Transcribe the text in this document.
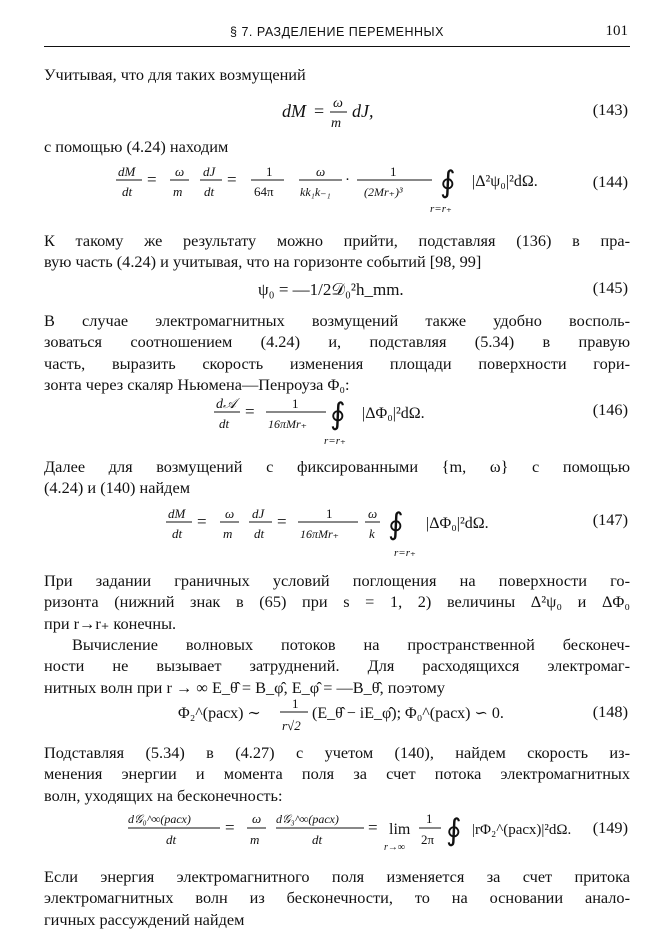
§ 7. РАЗДЕЛЕНИЕ ПЕРЕМЕННЫХ	101
Учитывая, что для таких возмущений
dM = ω
m
dJ,	(143)
с помощью (4.24) находим
dM
dt
= ω
m
dJ
dt
= 1
64π
ω
kk₁k₋₁
·
1
(2Mr₊)³ ∮
r=r₊
|Δ²ψ₀|²dΩ.	(144)
К такому же результату можно прийти, подставляя (136) в пра-
вую часть (4.24) и учитывая, что на горизонте событий [98, 99]
ψ₀ = —1/2𝒟₀²h_mm.	(145)
В случае электромагнитных возмущений также удобно восполь-
зоваться соотношением (4.24) и, подставляя (5.34) в правую
часть, выразить скорость изменения площади поверхности гори-
зонта через скаляр Ньюмена—Пенроуза Φ₀:
d𝒜
dt
=	1
16πMr₊ ∮
r=r₊
|ΔΦ₀|²dΩ.	(146)
Далее для возмущений с фиксированными {m, ω} с помощью
(4.24) и (140) найдем
dM
dt
= ω
m
dJ
dt
=	1
16πMr₊
ω
k ∮
r=r₊
|ΔΦ₀|²dΩ.	(147)
При задании граничных условий поглощения на поверхности го-
ризонта (нижний знак в (65) при s = 1, 2) величины Δ²ψ₀ и ΔΦ₀
при r→r₊ конечны.
Вычисление волновых потоков на пространственной бесконеч-
ности не вызывает затруднений. Для расходящихся электромаг-
нитных волн при r → ∞ E_θ̂ = B_φ̂, E_φ̂ = —B_θ̂, поэтому
Φ₂^(расх) ∼
1
r√2
(E_θ̂ − iE_φ̂); Φ₀^(расх) ∽ 0.	(148)
Подставляя (5.34) в (4.27) с учетом (140), найдем скорость из-
менения энергии и момента поля за счет потока электромагнитных
волн, уходящих на бесконечность:
d𝒢₀^∞(расх)
dt
= ω
m
d𝒢₃^∞(расх)
dt
= lim
r→∞
1
2π ∮ |rΦ₂^(расх)|²dΩ. (149)
Если энергия электромагнитного поля изменяется за счет притока
электромагнитных волн из бесконечности, то на основании анало-
гичных рассуждений найдем
